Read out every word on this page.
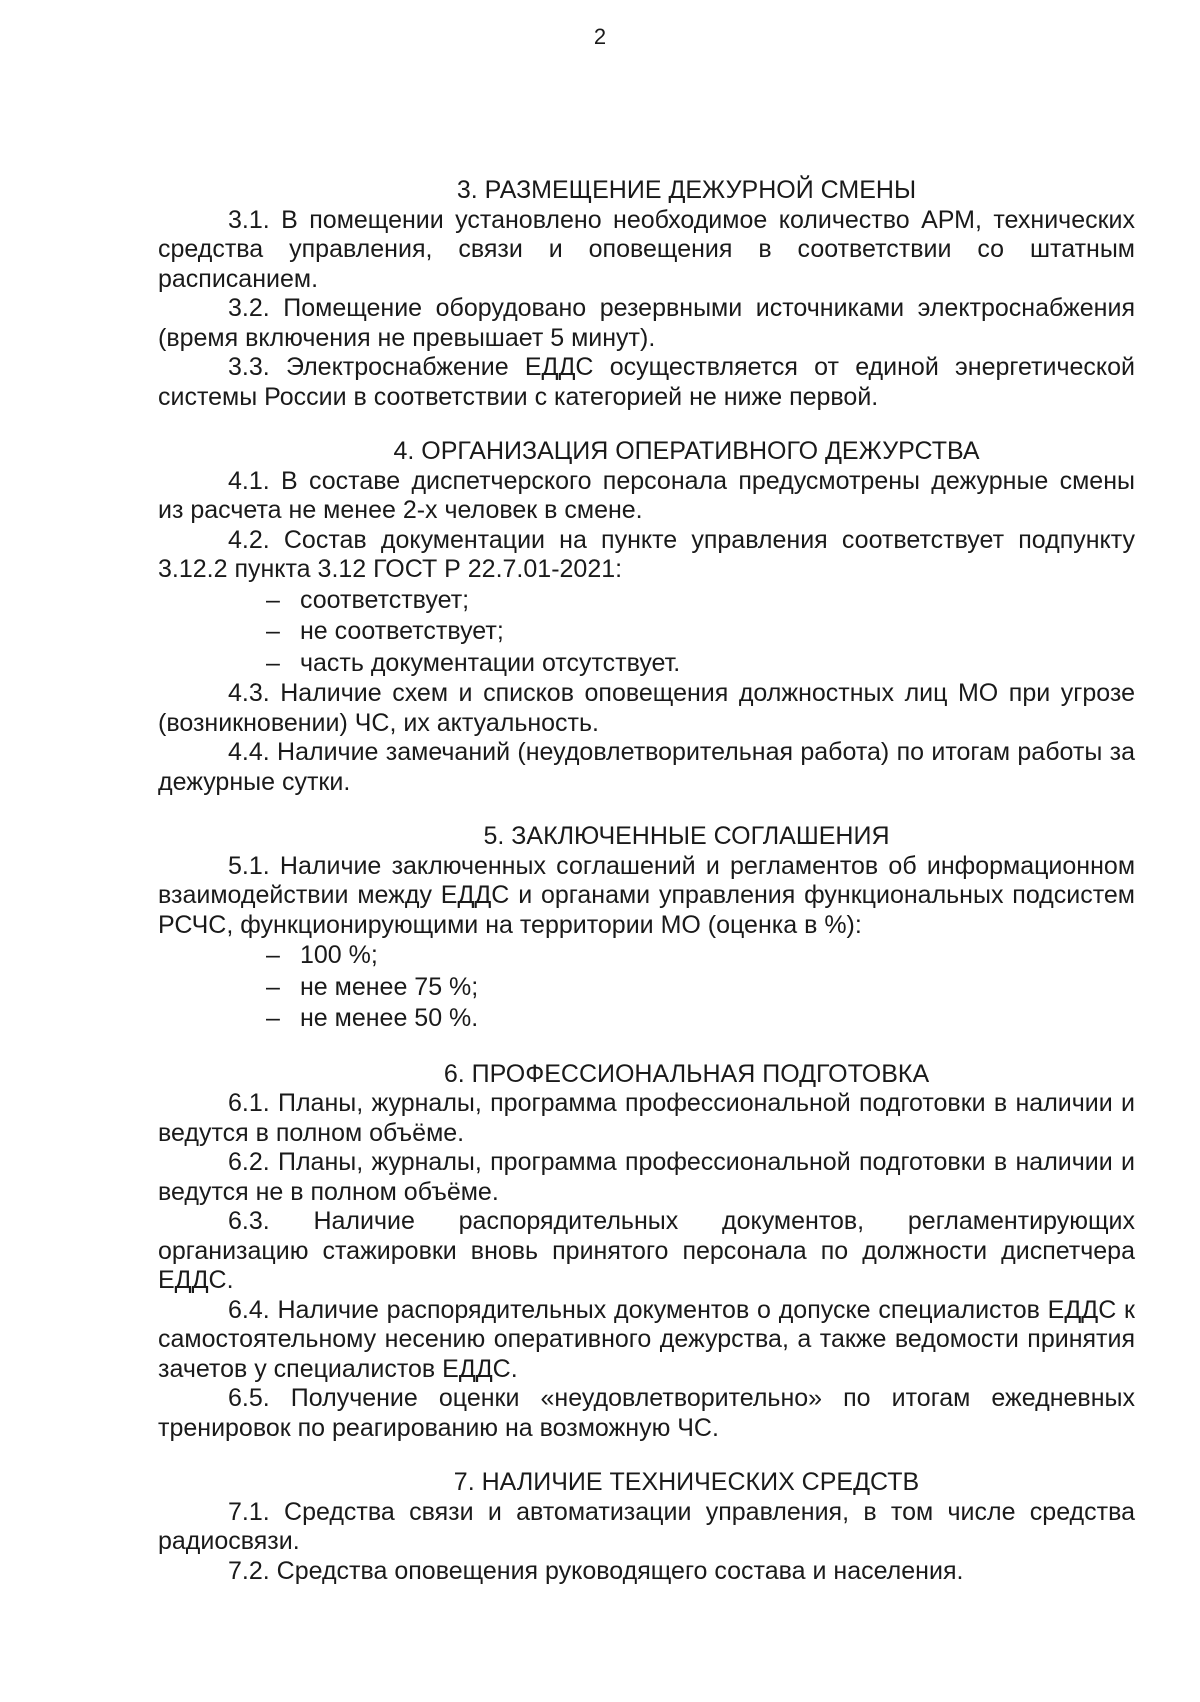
2
3. РАЗМЕЩЕНИЕ ДЕЖУРНОЙ СМЕНЫ

3.1. В помещении установлено необходимое количество АРМ, технических средства управления, связи и оповещения в соответствии со штатным расписанием.

3.2. Помещение оборудовано резервными источниками электроснабжения (время включения не превышает 5 минут).

3.3. Электроснабжение ЕДДС осуществляется от единой энергетической системы России в соответствии с категорией не ниже первой.

4. ОРГАНИЗАЦИЯ ОПЕРАТИВНОГО ДЕЖУРСТВА

4.1. В составе диспетчерского персонала предусмотрены дежурные смены из расчета не менее 2-х человек в смене.

4.2. Состав документации на пункте управления соответствует подпункту 3.12.2 пункта 3.12 ГОСТ Р 22.7.01-2021:

– соответствует;
– не соответствует;
– часть документации отсутствует.

4.3. Наличие схем и списков оповещения должностных лиц МО при угрозе (возникновении) ЧС, их актуальность.

4.4. Наличие замечаний (неудовлетворительная работа) по итогам работы за дежурные сутки.

5. ЗАКЛЮЧЕННЫЕ СОГЛАШЕНИЯ

5.1. Наличие заключенных соглашений и регламентов об информационном взаимодействии между ЕДДС и органами управления функциональных подсистем РСЧС, функционирующими на территории МО (оценка в %):

– 100 %;
– не менее 75 %;
– не менее 50 %.
6. ПРОФЕССИОНАЛЬНАЯ ПОДГОТОВКА

6.1. Планы, журналы, программа профессиональной подготовки в наличии и ведутся в полном объёме.

6.2. Планы, журналы, программа профессиональной подготовки в наличии и ведутся не в полном объёме.

6.3. Наличие распорядительных документов, регламентирующих организацию стажировки вновь принятого персонала по должности диспетчера ЕДДС.

6.4. Наличие распорядительных документов о допуске специалистов ЕДДС к самостоятельному несению оперативного дежурства, а также ведомости принятия зачетов у специалистов ЕДДС.

6.5. Получение оценки «неудовлетворительно» по итогам ежедневных тренировок по реагированию на возможную ЧС.

7. НАЛИЧИЕ ТЕХНИЧЕСКИХ СРЕДСТВ

7.1. Средства связи и автоматизации управления, в том числе средства радиосвязи.

7.2. Средства оповещения руководящего состава и населения.
